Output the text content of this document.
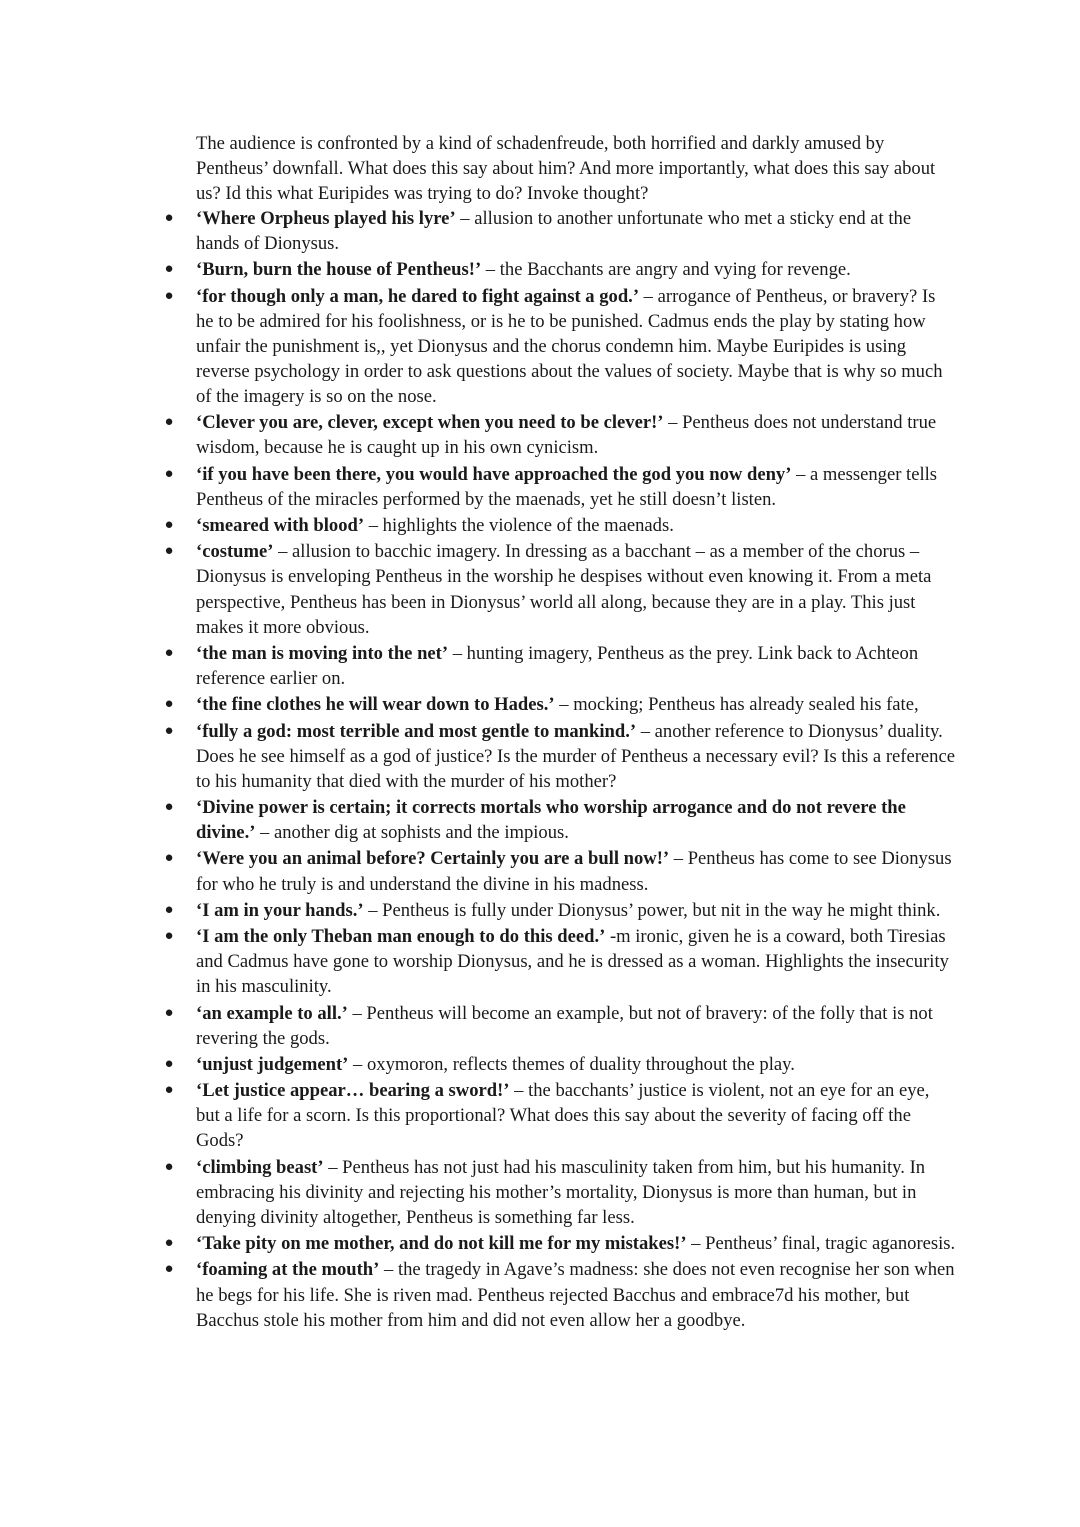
The audience is confronted by a kind of schadenfreude, both horrified and darkly amused by Pentheus’ downfall. What does this say about him? And more importantly, what does this say about us? Id this what Euripides was trying to do? Invoke thought?

● ‘Where Orpheus played his lyre’ – allusion to another unfortunate who met a sticky end at the hands of Dionysus.
● ‘Burn, burn the house of Pentheus!’ – the Bacchants are angry and vying for revenge.
● ‘for though only a man, he dared to fight against a god.’ – arrogance of Pentheus, or bravery? Is he to be admired for his foolishness, or is he to be punished. Cadmus ends the play by stating how unfair the punishment is,, yet Dionysus and the chorus condemn him. Maybe Euripides is using reverse psychology in order to ask questions about the values of society. Maybe that is why so much of the imagery is so on the nose.
● ‘Clever you are, clever, except when you need to be clever!’ – Pentheus does not understand true wisdom, because he is caught up in his own cynicism.
● ‘if you have been there, you would have approached the god you now deny’ – a messenger tells Pentheus of the miracles performed by the maenads, yet he still doesn’t listen.
● ‘smeared with blood’ – highlights the violence of the maenads.
● ‘costume’ – allusion to bacchic imagery. In dressing as a bacchant – as a member of the chorus – Dionysus is enveloping Pentheus in the worship he despises without even knowing it. From a meta perspective, Pentheus has been in Dionysus’ world all along, because they are in a play. This just makes it more obvious.
● ‘the man is moving into the net’ – hunting imagery, Pentheus as the prey. Link back to Achteon reference earlier on.
● ‘the fine clothes he will wear down to Hades.’ – mocking; Pentheus has already sealed his fate,
● ‘fully a god: most terrible and most gentle to mankind.’ – another reference to Dionysus’ duality. Does he see himself as a god of justice? Is the murder of Pentheus a necessary evil? Is this a reference to his humanity that died with the murder of his mother?
● ‘Divine power is certain; it corrects mortals who worship arrogance and do not revere the divine.’ – another dig at sophists and the impious.
● ‘Were you an animal before? Certainly you are a bull now!’ – Pentheus has come to see Dionysus for who he truly is and understand the divine in his madness.
● ‘I am in your hands.’ – Pentheus is fully under Dionysus’ power, but nit in the way he might think.
● ‘I am the only Theban man enough to do this deed.’ -m ironic, given he is a coward, both Tiresias and Cadmus have gone to worship Dionysus, and he is dressed as a woman. Highlights the insecurity in his masculinity.
● ‘an example to all.’ – Pentheus will become an example, but not of bravery: of the folly that is not revering the gods.
● ‘unjust judgement’ – oxymoron, reflects themes of duality throughout the play.
● ‘Let justice appear… bearing a sword!’ – the bacchants’ justice is violent, not an eye for an eye, but a life for a scorn. Is this proportional? What does this say about the severity of facing off the Gods?
● ‘climbing beast’ – Pentheus has not just had his masculinity taken from him, but his humanity. In embracing his divinity and rejecting his mother’s mortality, Dionysus is more than human, but in denying divinity altogether, Pentheus is something far less.
● ‘Take pity on me mother, and do not kill me for my mistakes!’ – Pentheus’ final, tragic aganoresis.
● ‘foaming at the mouth’ – the tragedy in Agave’s madness: she does not even recognise her son when he begs for his life. She is riven mad. Pentheus rejected Bacchus and embrace7d his mother, but Bacchus stole his mother from him and did not even allow her a goodbye.
